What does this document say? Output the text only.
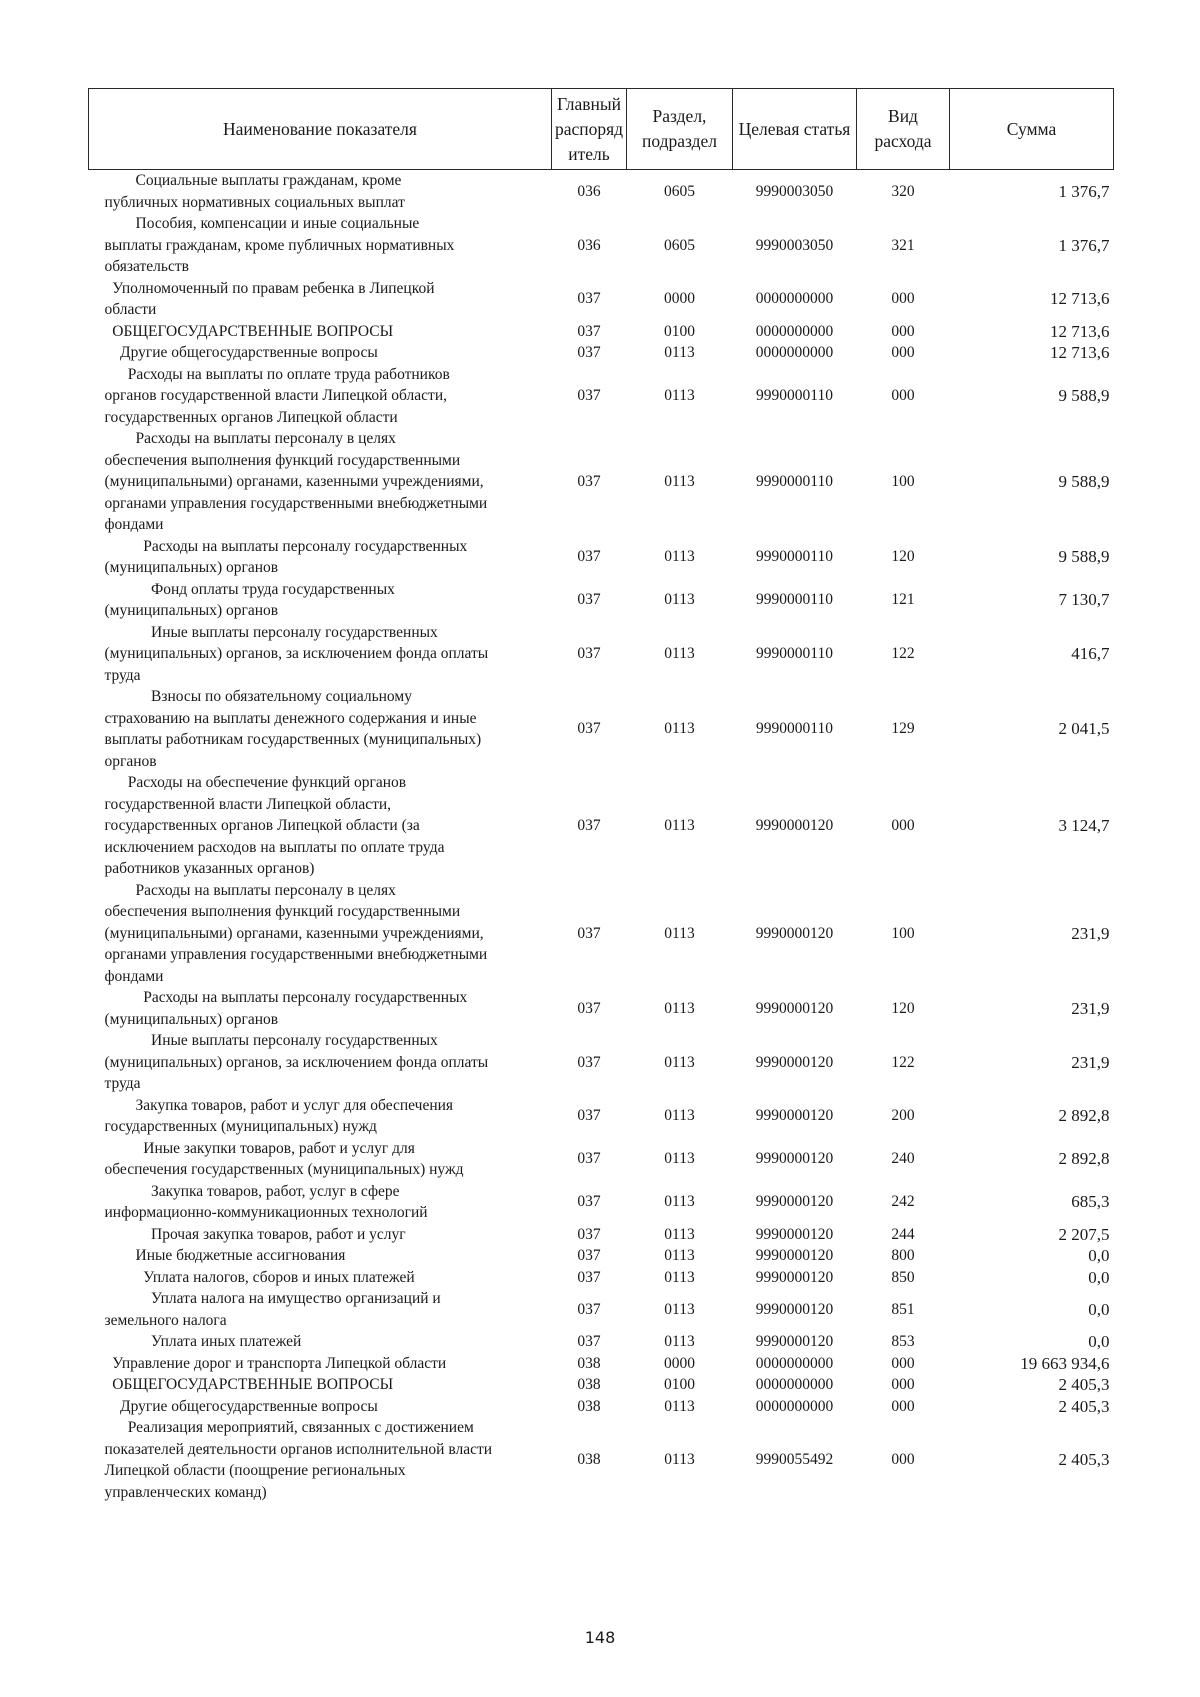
Наименование показателя	Главный распоряд итель	Раздел, подраздел	Целевая статья	Вид расхода	Сумма
Социальные выплаты гражданам, кроме
публичных нормативных социальных выплат	036	0605	9990003050	320	1 376,7
Пособия, компенсации и иные социальные
выплаты гражданам, кроме публичных нормативных
обязательств	036	0605	9990003050	321	1 376,7
Уполномоченный по правам ребенка в Липецкой
области	037	0000	0000000000	000	12 713,6
ОБЩЕГОСУДАРСТВЕННЫЕ ВОПРОСЫ	037	0100	0000000000	000	12 713,6
Другие общегосударственные вопросы	037	0113	0000000000	000	12 713,6
Расходы на выплаты по оплате труда работников
органов государственной власти Липецкой области,
государственных органов Липецкой области	037	0113	9990000110	000	9 588,9
Расходы на выплаты персоналу в целях
обеспечения выполнения функций государственными
(муниципальными) органами, казенными учреждениями,
органами управления государственными внебюджетными
фондами	037	0113	9990000110	100	9 588,9
Расходы на выплаты персоналу государственных
(муниципальных) органов	037	0113	9990000110	120	9 588,9
Фонд оплаты труда государственных
(муниципальных) органов	037	0113	9990000110	121	7 130,7
Иные выплаты персоналу государственных
(муниципальных) органов, за исключением фонда оплаты
труда	037	0113	9990000110	122	416,7
Взносы по обязательному социальному
страхованию на выплаты денежного содержания и иные
выплаты работникам государственных (муниципальных)
органов	037	0113	9990000110	129	2 041,5
Расходы на обеспечение функций органов
государственной власти Липецкой области,
государственных органов Липецкой области (за
исключением расходов на выплаты по оплате труда
работников указанных органов)	037	0113	9990000120	000	3 124,7
Расходы на выплаты персоналу в целях
обеспечения выполнения функций государственными
(муниципальными) органами, казенными учреждениями,
органами управления государственными внебюджетными
фондами	037	0113	9990000120	100	231,9
Расходы на выплаты персоналу государственных
(муниципальных) органов	037	0113	9990000120	120	231,9
Иные выплаты персоналу государственных
(муниципальных) органов, за исключением фонда оплаты
труда	037	0113	9990000120	122	231,9
Закупка товаров, работ и услуг для обеспечения
государственных (муниципальных) нужд	037	0113	9990000120	200	2 892,8
Иные закупки товаров, работ и услуг для
обеспечения государственных (муниципальных) нужд	037	0113	9990000120	240	2 892,8
Закупка товаров, работ, услуг в сфере
информационно-коммуникационных технологий	037	0113	9990000120	242	685,3
Прочая закупка товаров, работ и услуг	037	0113	9990000120	244	2 207,5
Иные бюджетные ассигнования	037	0113	9990000120	800	0,0
Уплата налогов, сборов и иных платежей	037	0113	9990000120	850	0,0
Уплата налога на имущество организаций и
земельного налога	037	0113	9990000120	851	0,0
Уплата иных платежей	037	0113	9990000120	853	0,0
Управление дорог и транспорта Липецкой области	038	0000	0000000000	000	19 663 934,6
ОБЩЕГОСУДАРСТВЕННЫЕ ВОПРОСЫ	038	0100	0000000000	000	2 405,3
Другие общегосударственные вопросы	038	0113	0000000000	000	2 405,3
Реализация мероприятий, связанных с достижением
показателей деятельности органов исполнительной власти
Липецкой области (поощрение региональных
управленческих команд)	038	0113	9990055492	000	2 405,3
148
